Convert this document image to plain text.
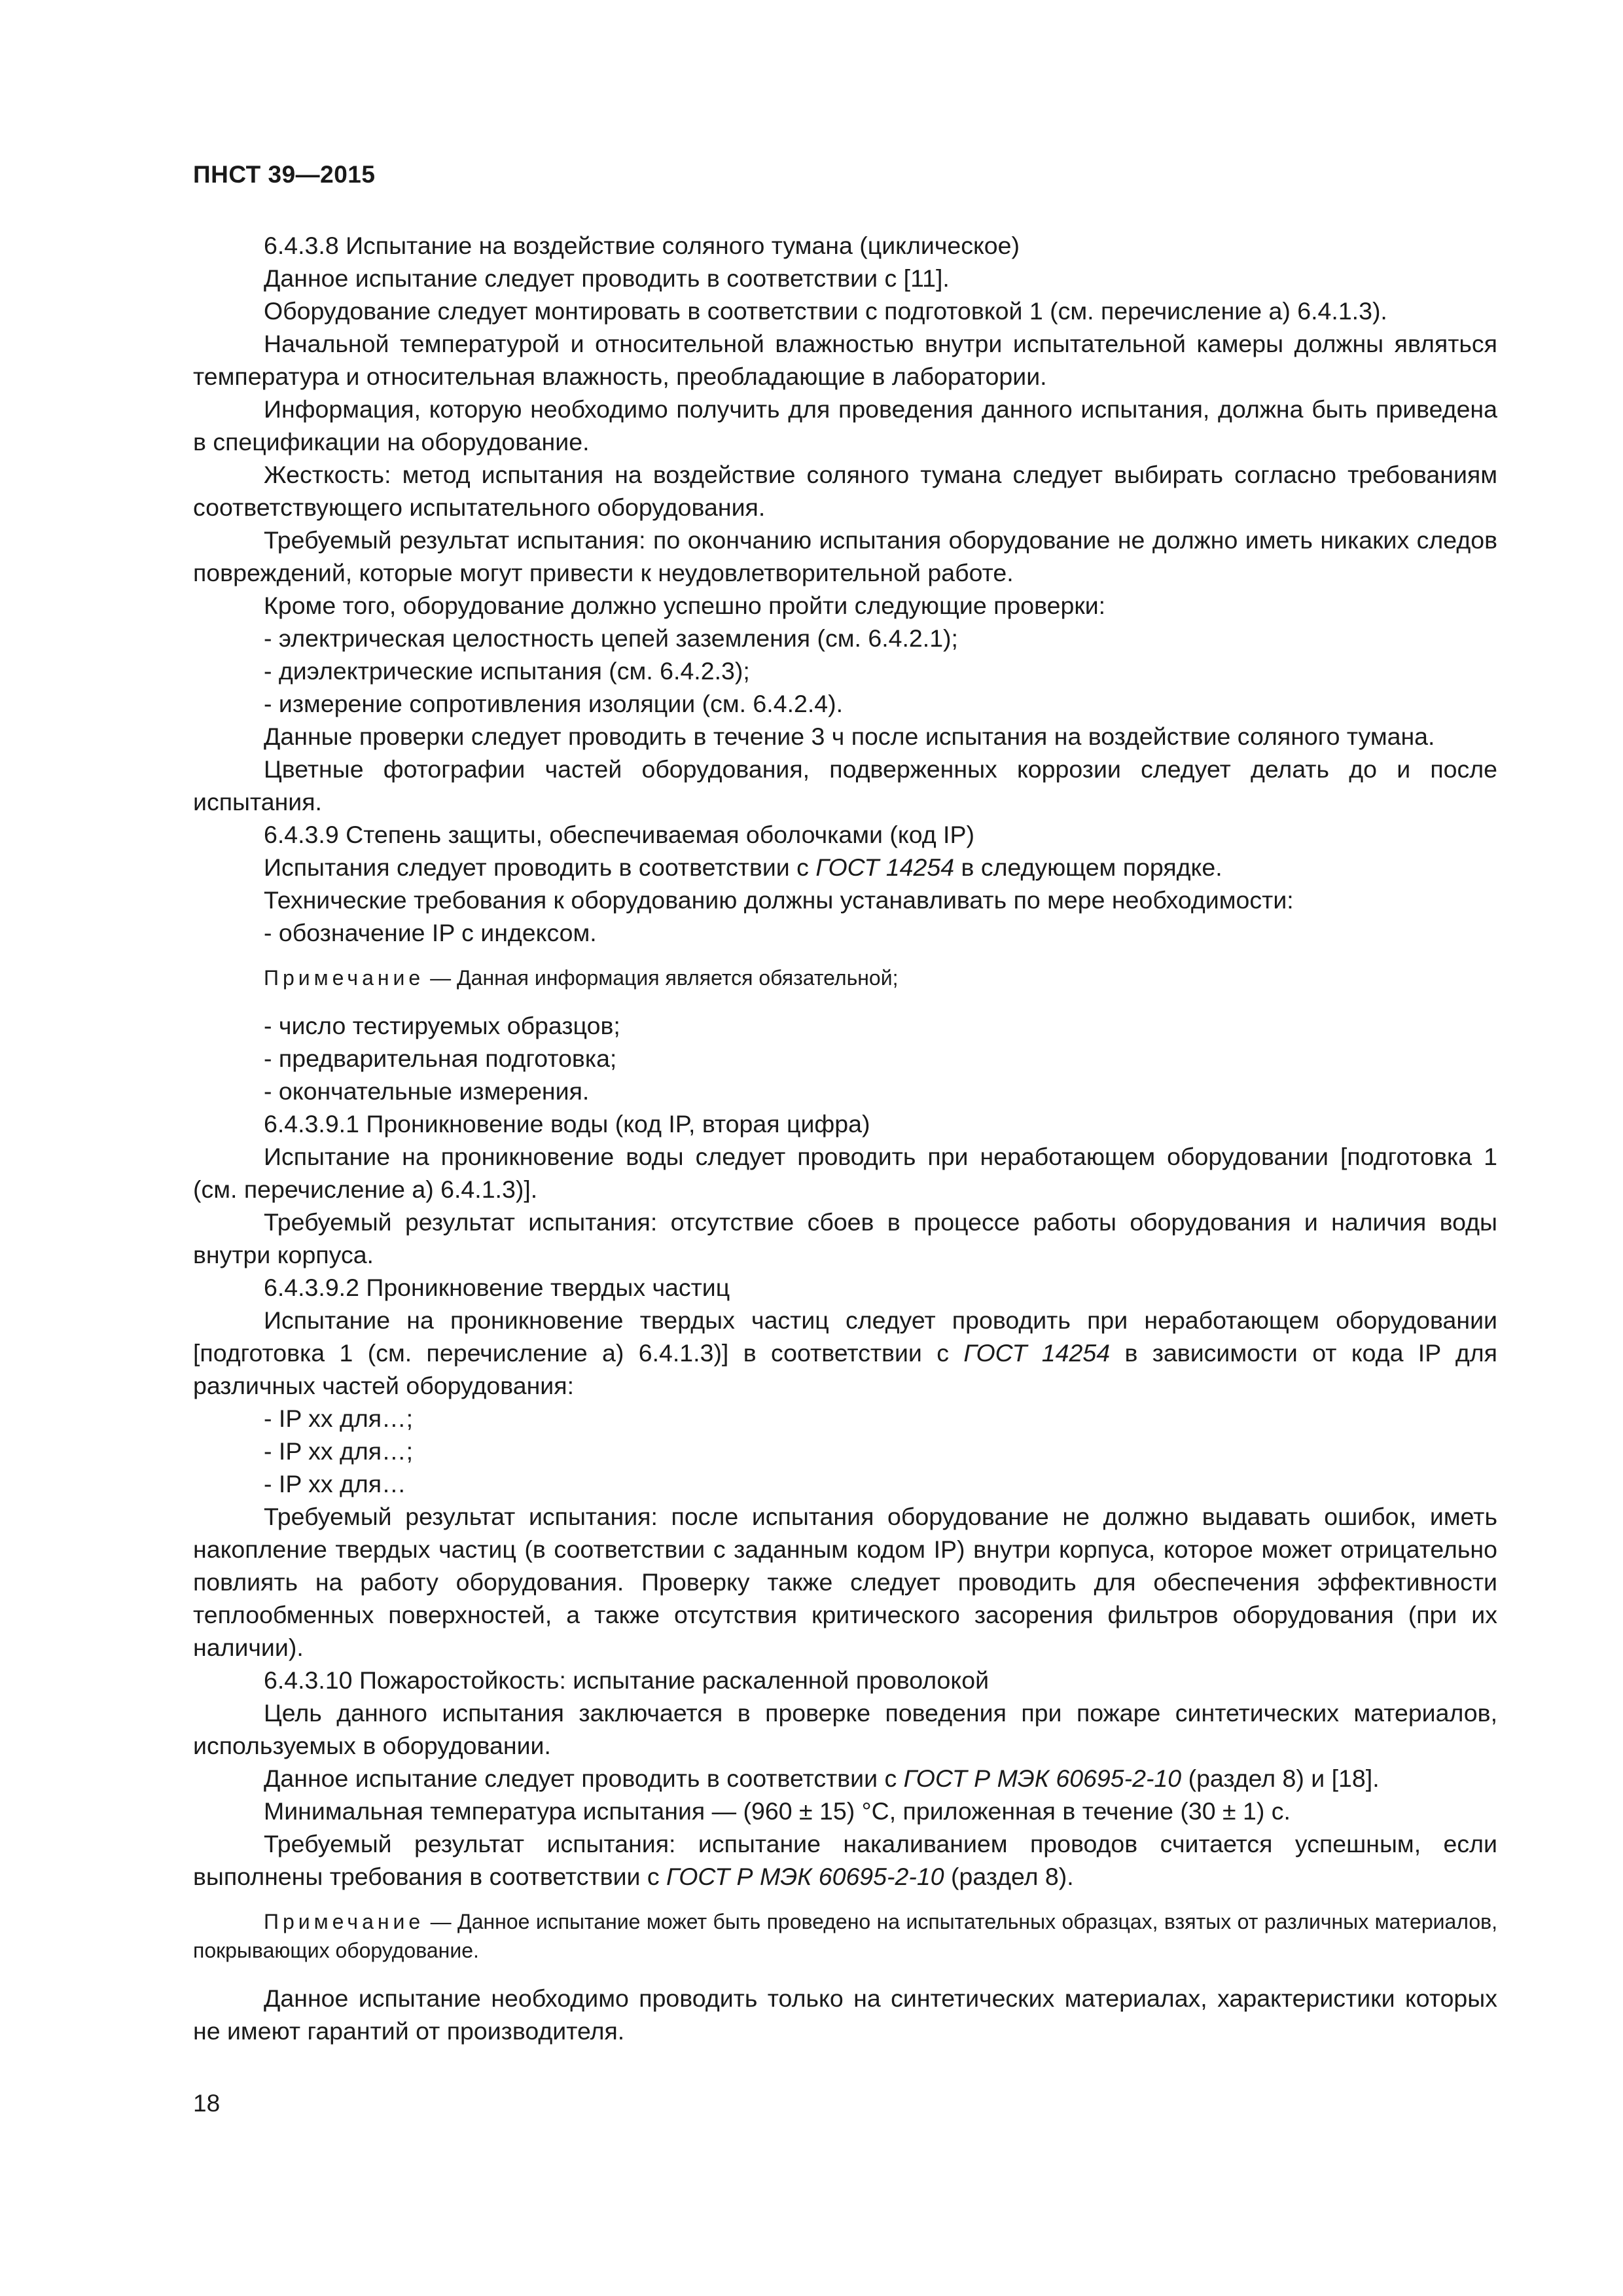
ПНСТ 39—2015

6.4.3.8 Испытание на воздействие соляного тумана (циклическое)

Данное испытание следует проводить в соответствии с [11].

Оборудование следует монтировать в соответствии с подготовкой 1 (см. перечисление а) 6.4.1.3).

Начальной температурой и относительной влажностью внутри испытательной камеры должны являться температура и относительная влажность, преобладающие в лаборатории.

Информация, которую необходимо получить для проведения данного испытания, должна быть приведена в спецификации на оборудование.

Жесткость: метод испытания на воздействие соляного тумана следует выбирать согласно требованиям соответствующего испытательного оборудования.

Требуемый результат испытания: по окончанию испытания оборудование не должно иметь никаких следов повреждений, которые могут привести к неудовлетворительной работе.

Кроме того, оборудование должно успешно пройти следующие проверки:

- электрическая целостность цепей заземления (см. 6.4.2.1);

- диэлектрические испытания (см. 6.4.2.3);

- измерение сопротивления изоляции (см. 6.4.2.4).

Данные проверки следует проводить в течение 3 ч после испытания на воздействие соляного тумана.

Цветные фотографии частей оборудования, подверженных коррозии следует делать до и после испытания.

6.4.3.9 Степень защиты, обеспечиваемая оболочками (код IP)

Испытания следует проводить в соответствии с ГОСТ 14254 в следующем порядке.

Технические требования к оборудованию должны устанавливать по мере необходимости:

- обозначение IP с индексом.

Примечание — Данная информация является обязательной;

- число тестируемых образцов;

- предварительная подготовка;

- окончательные измерения.

6.4.3.9.1 Проникновение воды (код IP, вторая цифра)

Испытание на проникновение воды следует проводить при неработающем оборудовании [подготовка 1 (см. перечисление а) 6.4.1.3)].

Требуемый результат испытания: отсутствие сбоев в процессе работы оборудования и наличия воды внутри корпуса.

6.4.3.9.2 Проникновение твердых частиц

Испытание на проникновение твердых частиц следует проводить при неработающем оборудовании [подготовка 1 (см. перечисление а) 6.4.1.3)] в соответствии с ГОСТ 14254 в зависимости от кода IP для различных частей оборудования:

- IP хх для…;

- IP хх для…;

- IP хх для…

Требуемый результат испытания: после испытания оборудование не должно выдавать ошибок, иметь накопление твердых частиц (в соответствии с заданным кодом IP) внутри корпуса, которое может отрицательно повлиять на работу оборудования. Проверку также следует проводить для обеспечения эффективности теплообменных поверхностей, а также отсутствия критического засорения фильтров оборудования (при их наличии).

6.4.3.10 Пожаростойкость: испытание раскаленной проволокой

Цель данного испытания заключается в проверке поведения при пожаре синтетических материалов, используемых в оборудовании.

Данное испытание следует проводить в соответствии с ГОСТ Р МЭК 60695-2-10 (раздел 8) и [18].

Минимальная температура испытания — (960 ± 15) °С, приложенная в течение (30 ± 1) с.

Требуемый результат испытания: испытание накаливанием проводов считается успешным, если выполнены требования в соответствии с ГОСТ Р МЭК 60695-2-10 (раздел 8).

Примечание — Данное испытание может быть проведено на испытательных образцах, взятых от различных материалов, покрывающих оборудование.

Данное испытание необходимо проводить только на синтетических материалах, характеристики которых не имеют гарантий от производителя.

18
